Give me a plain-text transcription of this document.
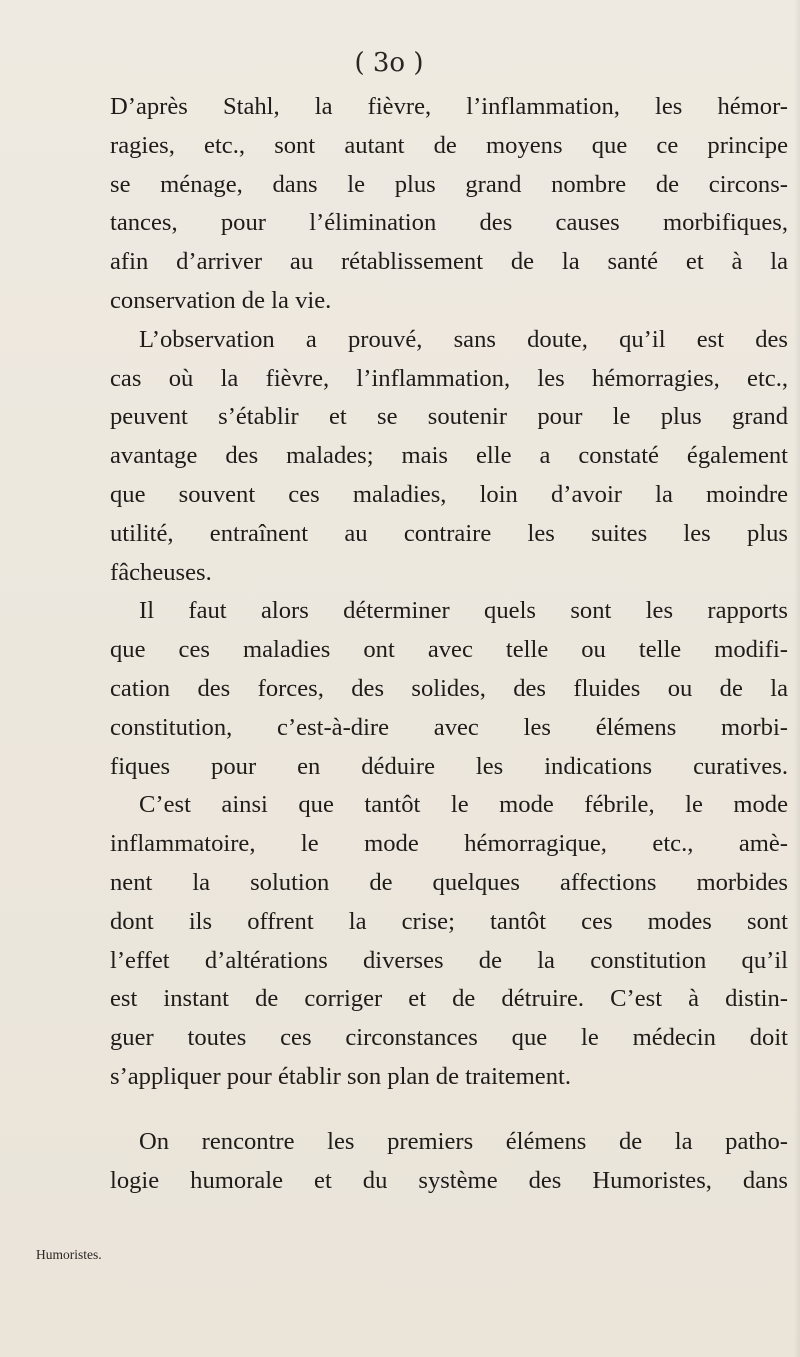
( 3o )
D’après Stahl, la fièvre, l’inflammation, les hémor-
ragies, etc., sont autant de moyens que ce principe
se ménage, dans le plus grand nombre de circons-
tances, pour l’élimination des causes morbifiques,
afin d’arriver au rétablissement de la santé et à la
conservation de la vie.
L’observation a prouvé, sans doute, qu’il est des
cas où la fièvre, l’inflammation, les hémorragies, etc.,
peuvent s’établir et se soutenir pour le plus grand
avantage des malades; mais elle a constaté également
que souvent ces maladies, loin d’avoir la moindre
utilité, entraînent au contraire les suites les plus
fâcheuses.
Il faut alors déterminer quels sont les rapports
que ces maladies ont avec telle ou telle modifi-
cation des forces, des solides, des fluides ou de la
constitution, c’est-à-dire avec les élémens morbi-
fiques pour en déduire les indications curatives.
C’est ainsi que tantôt le mode fébrile, le mode
inflammatoire, le mode hémorragique, etc., amè-
nent la solution de quelques affections morbides
dont ils offrent la crise; tantôt ces modes sont
l’effet d’altérations diverses de la constitution qu’il
est instant de corriger et de détruire. C’est à distin-
guer toutes ces circonstances que le médecin doit
s’appliquer pour établir son plan de traitement.
On rencontre les premiers élémens de la patho-
logie humorale et du système des Humoristes, dans
Humoristes.
